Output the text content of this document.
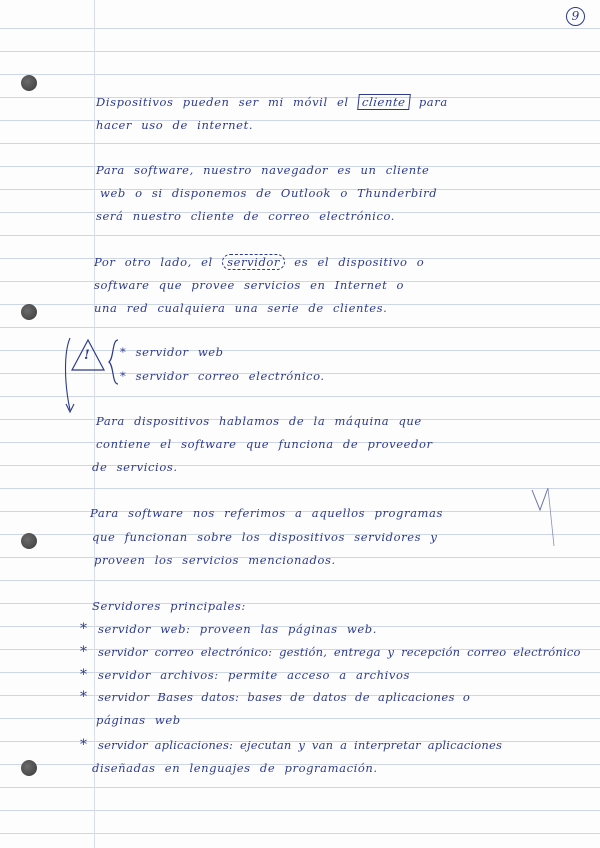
9

Dispositivos pueden ser mi móvil el cliente para

hacer uso de internet.

Para software, nuestro navegador es un cliente

web o si disponemos de Outlook o Thunderbird

será nuestro cliente de correo electrónico.

Por otro lado, el servidor es el dispositivo o

software que provee servicios en Internet o

una red cualquiera una serie de clientes.

!	* servidor web

* servidor correo electrónico.

Para dispositivos hablamos de la máquina que

contiene el software que funciona de proveedor

de servicios.

Para software nos referimos a aquellos programas

que funcionan sobre los dispositivos servidores y

proveen los servicios mencionados.

Servidores principales:

* servidor web: proveen las páginas web.

* servidor correo electrónico: gestión, entrega y recepción correo electrónico

* servidor archivos: permite acceso a archivos

* servidor Bases datos: bases de datos de aplicaciones o

páginas web

* servidor aplicaciones: ejecutan y van a interpretar aplicaciones

diseñadas en lenguajes de programación.
